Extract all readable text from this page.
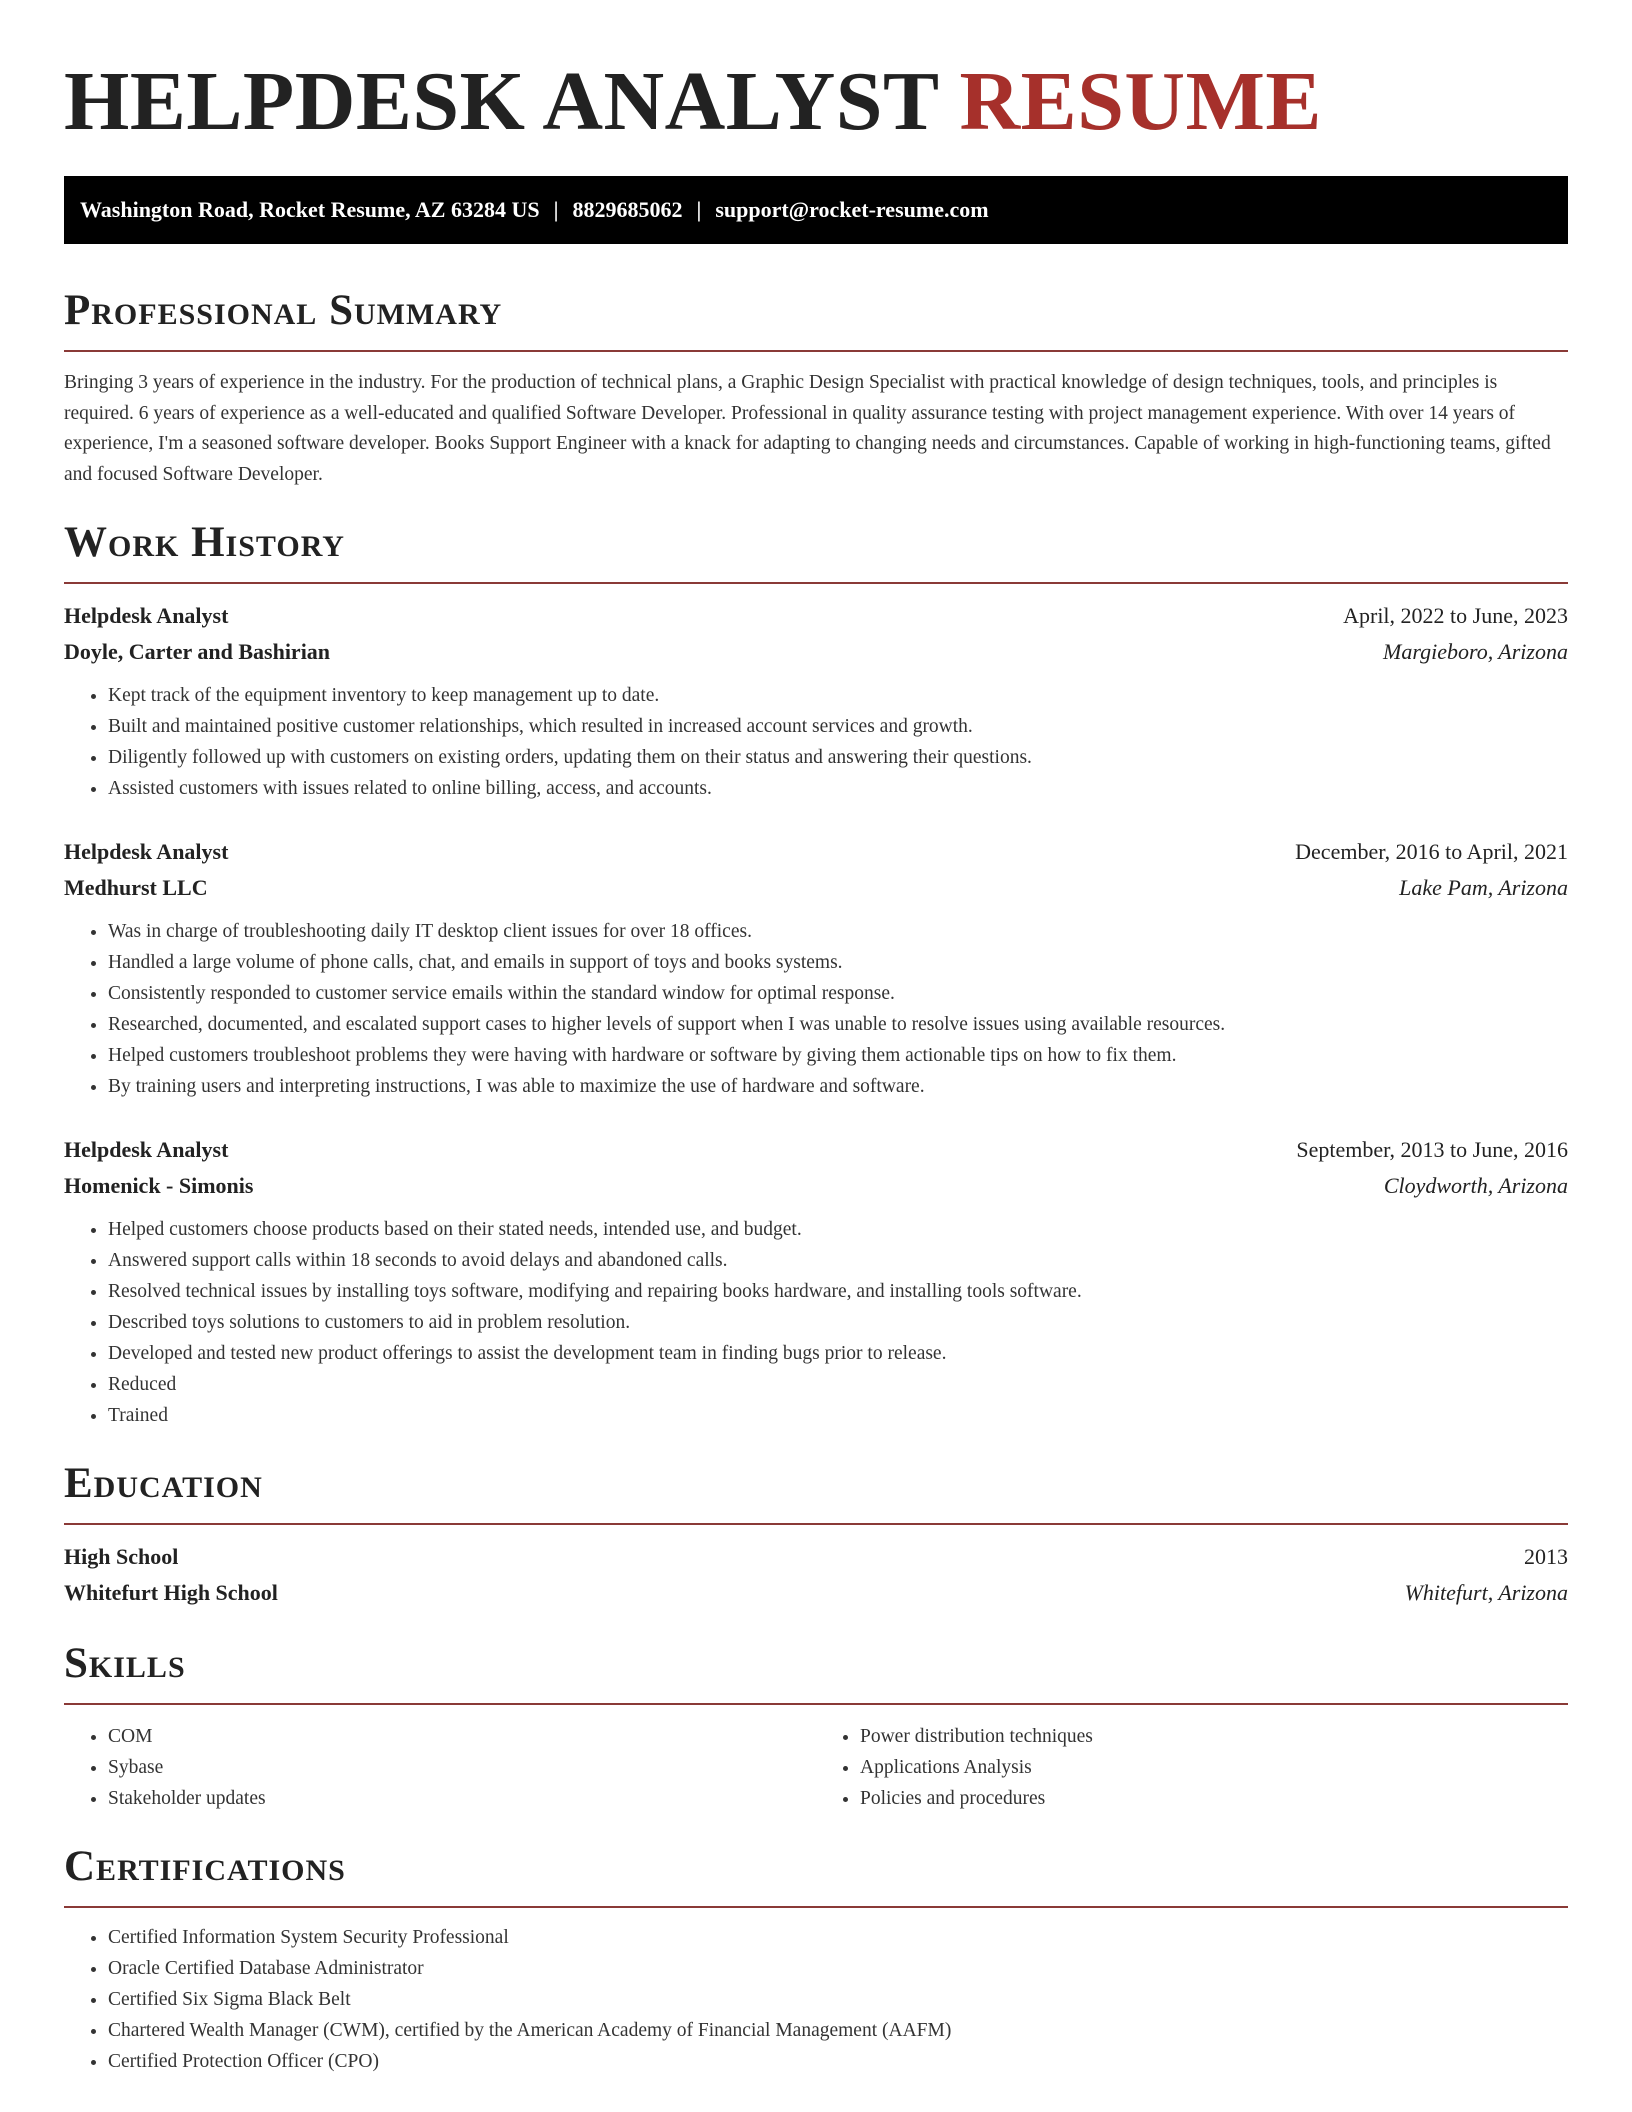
HELPDESK ANALYST RESUME
Washington Road, Rocket Resume, AZ 63284 US | 8829685062 | support@rocket-resume.com
Professional Summary

Bringing 3 years of experience in the industry. For the production of technical plans, a Graphic Design Specialist with practical knowledge of design techniques, tools, and principles is required. 6 years of experience as a well-educated and qualified Software Developer. Professional in quality assurance testing with project management experience. With over 14 years of experience, I'm a seasoned software developer. Books Support Engineer with a knack for adapting to changing needs and circumstances. Capable of working in high-functioning teams, gifted and focused Software Developer.

Work History
Helpdesk Analyst	April, 2022 to June, 2023
Doyle, Carter and Bashirian	Margieboro, Arizona
• Kept track of the equipment inventory to keep management up to date.
• Built and maintained positive customer relationships, which resulted in increased account services and growth.
• Diligently followed up with customers on existing orders, updating them on their status and answering their questions.
• Assisted customers with issues related to online billing, access, and accounts.
Helpdesk Analyst	December, 2016 to April, 2021
Medhurst LLC	Lake Pam, Arizona
• Was in charge of troubleshooting daily IT desktop client issues for over 18 offices.
• Handled a large volume of phone calls, chat, and emails in support of toys and books systems.
• Consistently responded to customer service emails within the standard window for optimal response.
• Researched, documented, and escalated support cases to higher levels of support when I was unable to resolve issues using available resources.
• Helped customers troubleshoot problems they were having with hardware or software by giving them actionable tips on how to fix them.
• By training users and interpreting instructions, I was able to maximize the use of hardware and software.
Helpdesk Analyst	September, 2013 to June, 2016
Homenick - Simonis	Cloydworth, Arizona
• Helped customers choose products based on their stated needs, intended use, and budget.
• Answered support calls within 18 seconds to avoid delays and abandoned calls.
• Resolved technical issues by installing toys software, modifying and repairing books hardware, and installing tools software.
• Described toys solutions to customers to aid in problem resolution.
• Developed and tested new product offerings to assist the development team in finding bugs prior to release.
• Reduced
• Trained
Education
High School	2013
Whitefurt High School	Whitefurt, Arizona
Skills
• COM
• Sybase
• Stakeholder updates
• Power distribution techniques
• Applications Analysis
• Policies and procedures
Certifications
• Certified Information System Security Professional
• Oracle Certified Database Administrator
• Certified Six Sigma Black Belt
• Chartered Wealth Manager (CWM), certified by the American Academy of Financial Management (AAFM)
• Certified Protection Officer (CPO)
